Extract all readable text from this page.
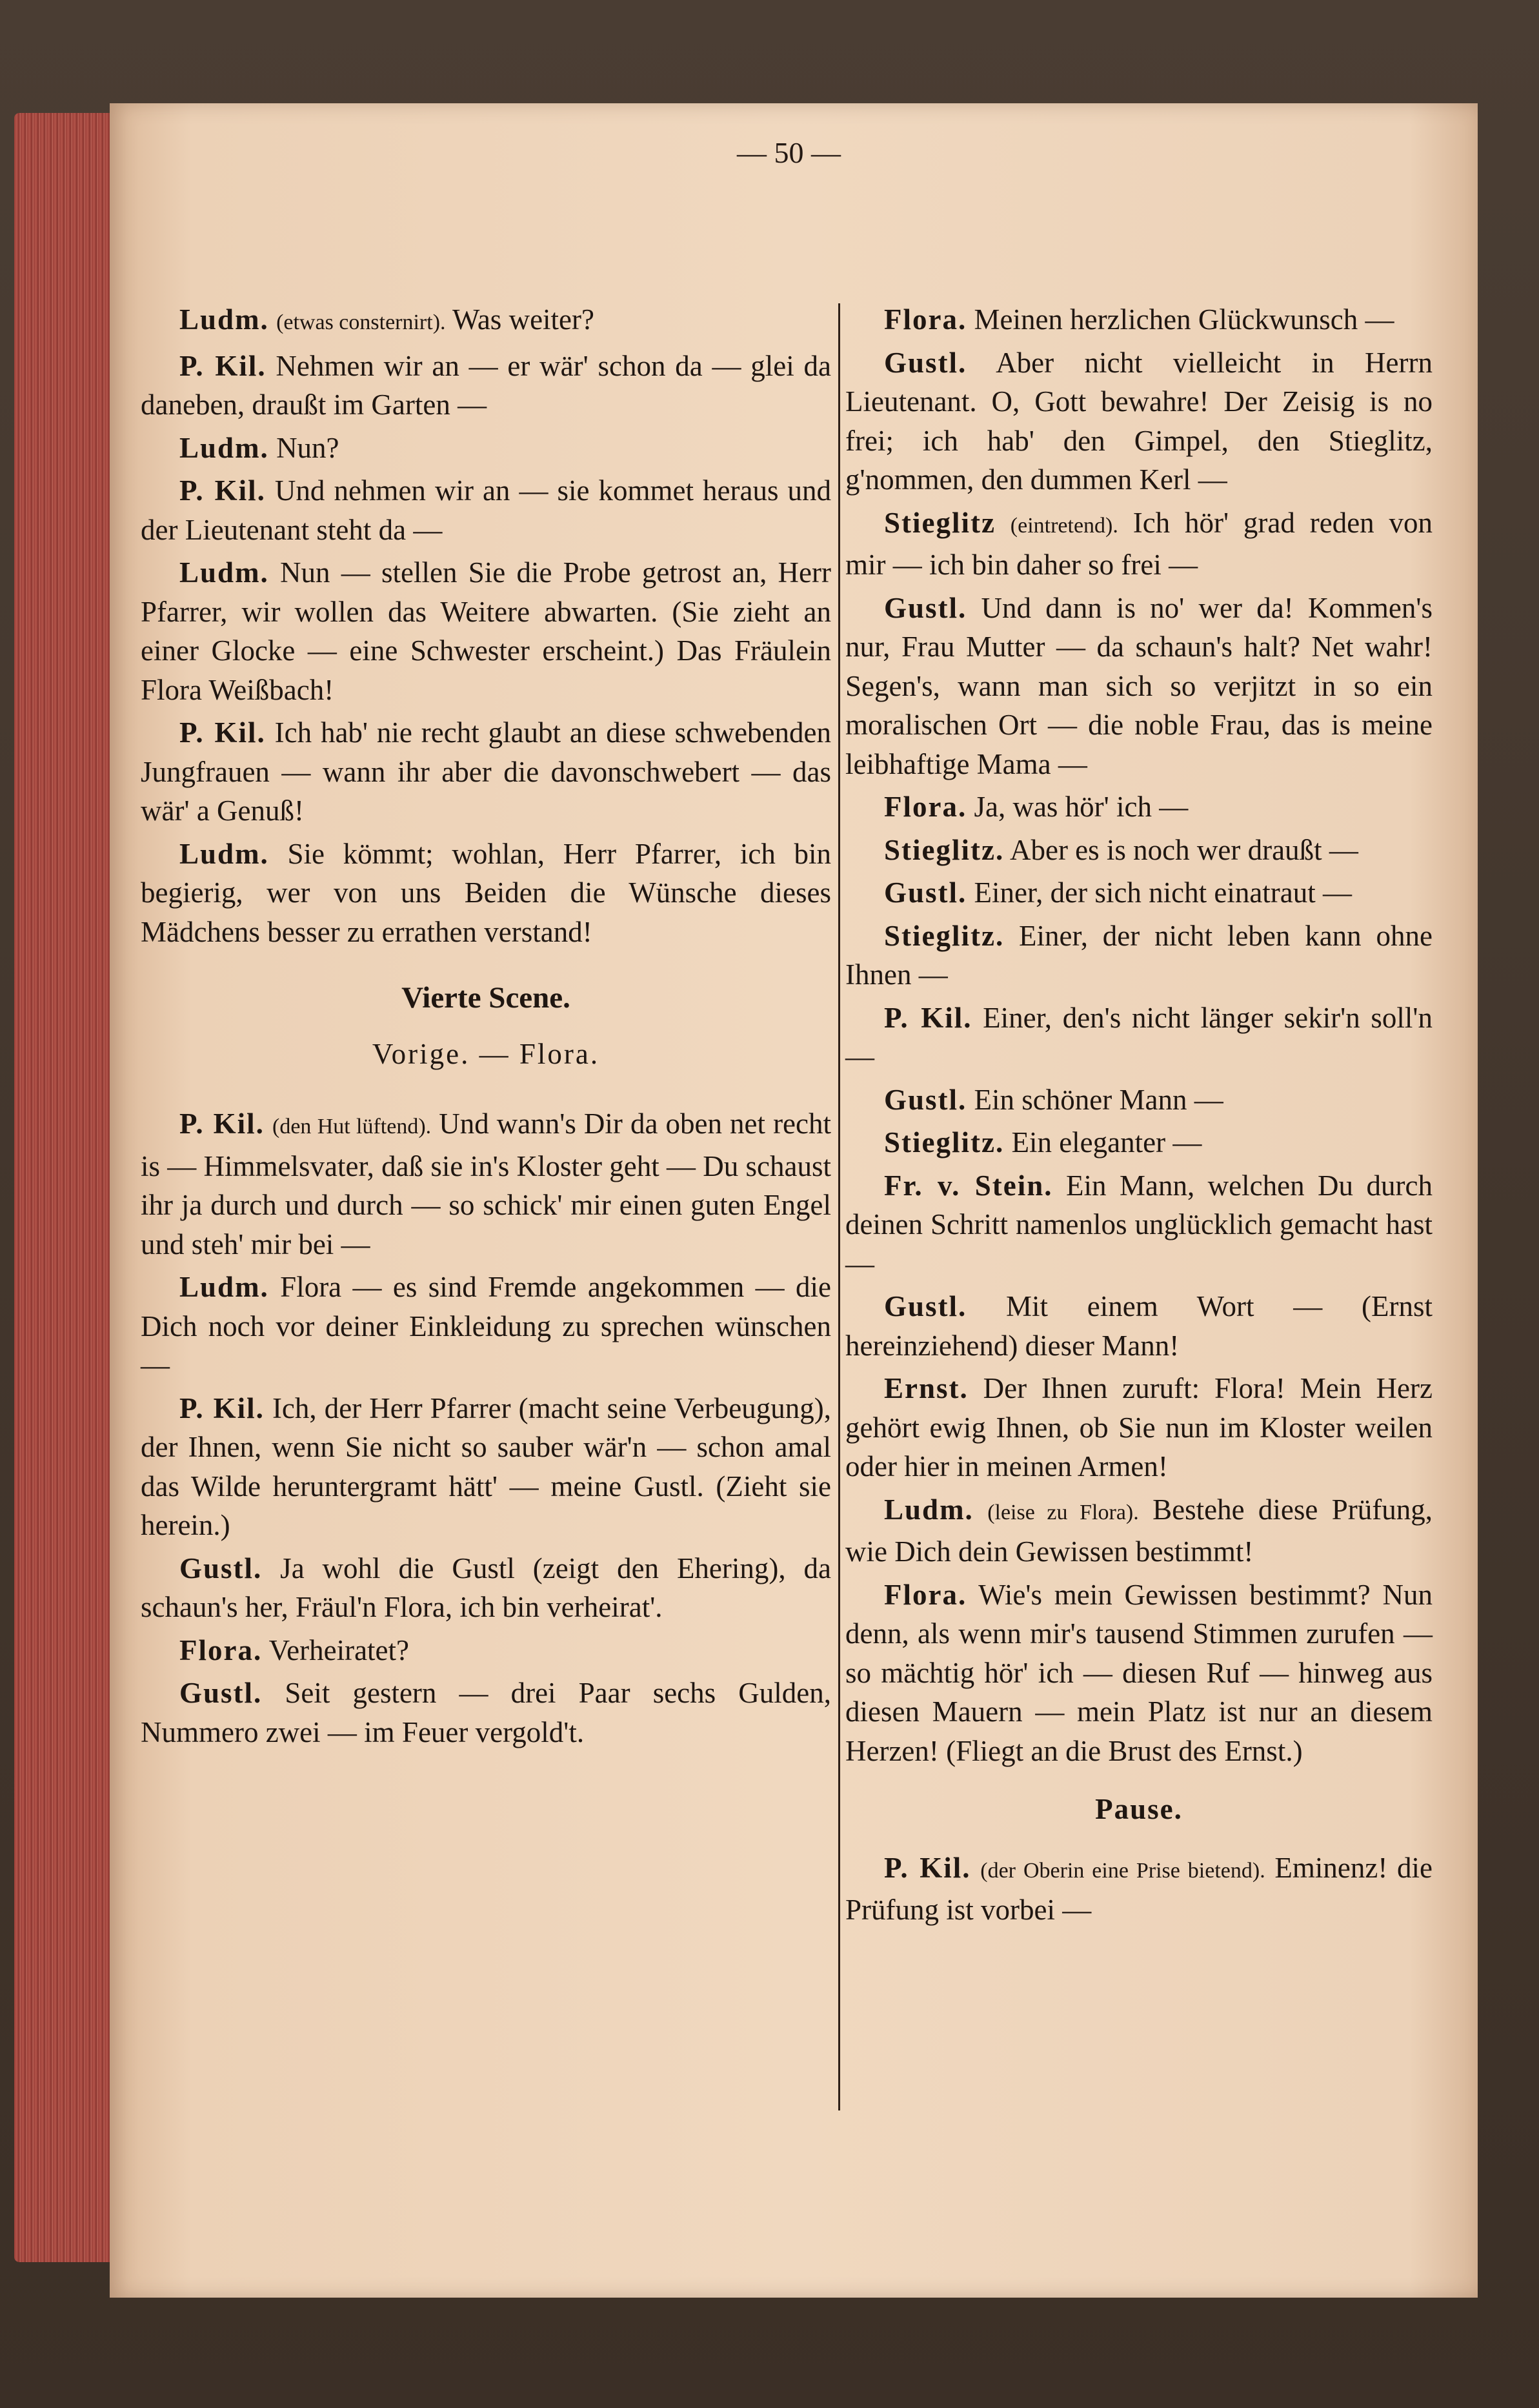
— 50 —

Ludm. (etwas consternirt). Was weiter?

P. Kil. Nehmen wir an — er wär' schon da — glei da daneben, draußt im Garten —

Ludm. Nun?

P. Kil. Und nehmen wir an — sie kommet heraus und der Lieutenant steht da —

Ludm. Nun — stellen Sie die Probe getrost an, Herr Pfarrer, wir wollen das Weitere abwarten. (Sie zieht an einer Glocke — eine Schwester erscheint.) Das Fräulein Flora Weißbach!

P. Kil. Ich hab' nie recht glaubt an diese schwebenden Jungfrauen — wann ihr aber die davonschwebert — das wär' a Genuß!

Ludm. Sie kömmt; wohlan, Herr Pfarrer, ich bin begierig, wer von uns Beiden die Wünsche dieses Mädchens besser zu errathen verstand!

Vierte Scene.
Vorige. — Flora.

P. Kil. (den Hut lüftend). Und wann's Dir da oben net recht is — Himmelsvater, daß sie in's Kloster geht — Du schaust ihr ja durch und durch — so schick' mir einen guten Engel und steh' mir bei —

Ludm. Flora — es sind Fremde angekommen — die Dich noch vor deiner Einkleidung zu sprechen wünschen —

P. Kil. Ich, der Herr Pfarrer (macht seine Verbeugung), der Ihnen, wenn Sie nicht so sauber wär'n — schon amal das Wilde heruntergramt hätt' — meine Gustl. (Zieht sie herein.)

Gustl. Ja wohl die Gustl (zeigt den Ehering), da schaun's her, Fräul'n Flora, ich bin verheirat'.

Flora. Verheiratet?

Gustl. Seit gestern — drei Paar sechs Gulden, Nummero zwei — im Feuer vergold't.

Flora. Meinen herzlichen Glückwunsch —

Gustl. Aber nicht vielleicht in Herrn Lieutenant. O, Gott bewahre! Der Zeisig is no frei; ich hab' den Gimpel, den Stieglitz, g'nommen, den dummen Kerl —

Stieglitz (eintretend). Ich hör' grad reden von mir — ich bin daher so frei —

Gustl. Und dann is no' wer da! Kommen's nur, Frau Mutter — da schaun's halt? Net wahr! Segen's, wann man sich so verjitzt in so ein moralischen Ort — die noble Frau, das is meine leibhaftige Mama —

Flora. Ja, was hör' ich —

Stieglitz. Aber es is noch wer draußt —

Gustl. Einer, der sich nicht einatraut —

Stieglitz. Einer, der nicht leben kann ohne Ihnen —

P. Kil. Einer, den's nicht länger sekir'n soll'n —

Gustl. Ein schöner Mann —

Stieglitz. Ein eleganter —

Fr. v. Stein. Ein Mann, welchen Du durch deinen Schritt namenlos unglücklich gemacht hast —

Gustl. Mit einem Wort — (Ernst hereinziehend) dieser Mann!

Ernst. Der Ihnen zuruft: Flora! Mein Herz gehört ewig Ihnen, ob Sie nun im Kloster weilen oder hier in meinen Armen!

Ludm. (leise zu Flora). Bestehe diese Prüfung, wie Dich dein Gewissen bestimmt!

Flora. Wie's mein Gewissen bestimmt? Nun denn, als wenn mir's tausend Stimmen zurufen — so mächtig hör' ich — diesen Ruf — hinweg aus diesen Mauern — mein Platz ist nur an diesem Herzen! (Fliegt an die Brust des Ernst.)

Pause.

P. Kil. (der Oberin eine Prise bietend). Eminenz! die Prüfung ist vorbei —
